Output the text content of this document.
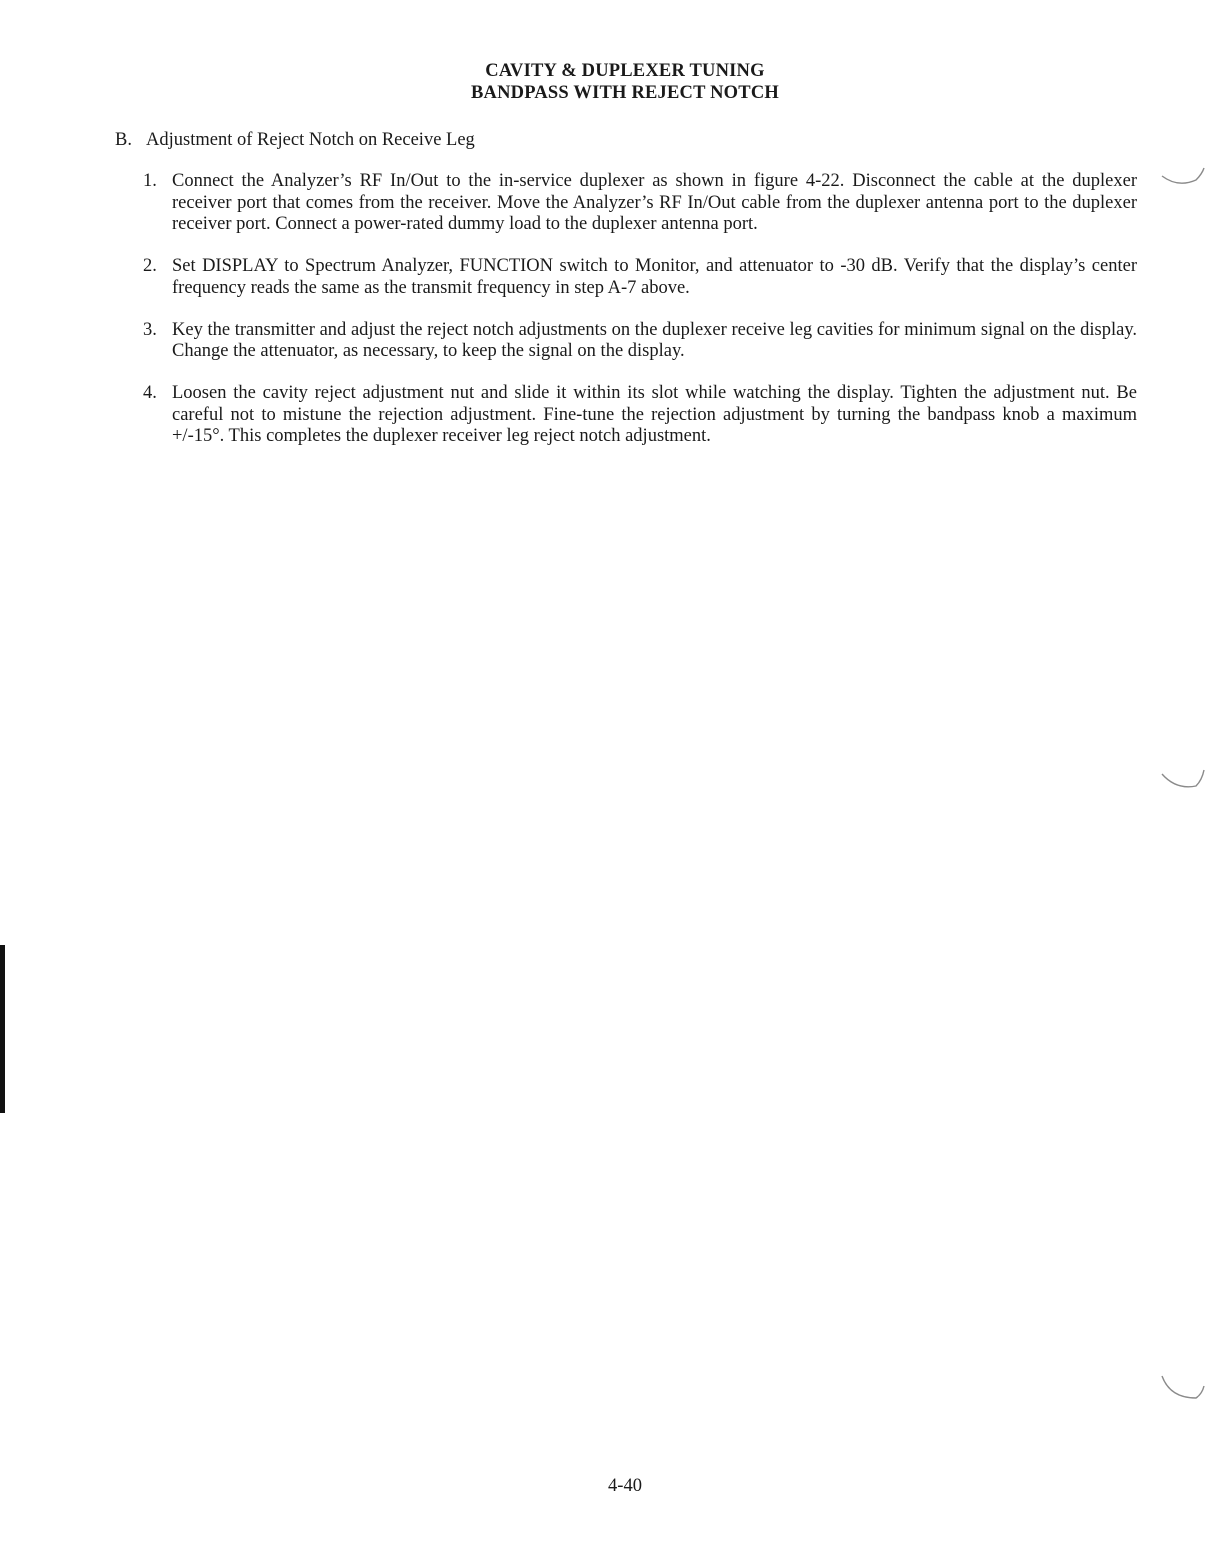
CAVITY & DUPLEXER TUNING
BANDPASS WITH REJECT NOTCH
B. Adjustment of Reject Notch on Receive Leg
1. Connect the Analyzer’s RF In/Out to the in-service duplexer as shown in figure 4-22. Disconnect the cable at the duplexer receiver port that comes from the receiver. Move the Analyzer’s RF In/Out cable from the duplexer antenna port to the duplexer receiver port. Connect a power-rated dummy load to the duplexer antenna port.
2. Set DISPLAY to Spectrum Analyzer, FUNCTION switch to Monitor, and attenuator to -30 dB. Verify that the display’s center frequency reads the same as the transmit frequency in step A-7 above.
3. Key the transmitter and adjust the reject notch adjustments on the duplexer receive leg cavities for minimum signal on the display. Change the attenuator, as necessary, to keep the signal on the display.
4. Loosen the cavity reject adjustment nut and slide it within its slot while watching the display. Tighten the adjustment nut. Be careful not to mistune the rejection adjustment. Fine-tune the rejection adjustment by turning the bandpass knob a maximum +/-15°. This completes the duplexer receiver leg reject notch adjustment.
4-40
